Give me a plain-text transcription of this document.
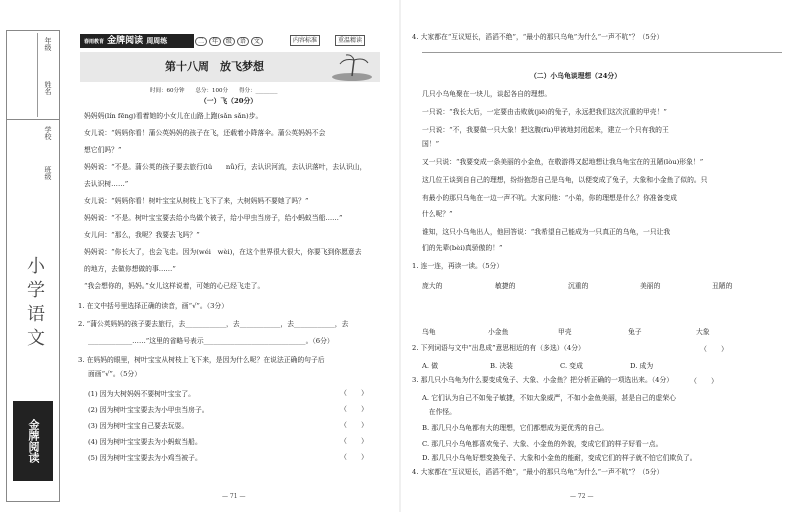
年级
姓名
学校
班级
小学语文
金牌阅读
春雨教育 金牌阅读 周周练	二 年 级 语 文	内容标准	重温精读
第十八周　放飞梦想
时间：60分钟　　总分：100分　　得分：________
（一）飞（20分）
妈妈妈(lín fēng)看着她的小女儿在山路上跑(sǎn sǎn)步。
女儿说：“妈妈你看！蒲公英妈妈的孩子在飞，还载着小降落伞。蒲公英妈妈不会
想它们吗？”
妈妈说：“不是。蒲公英的孩子要去旅行(lǔ　　nǚ)行，去认识河流，去认识落叶，去认识山，
去认识树……”
女儿说：“妈妈你看！树叶宝宝从树枝上飞下了来，大树妈妈不要她了吗？”
妈妈说：“不是。树叶宝宝要去给小鸟做个被子，给小甲虫当房子，给小蚂蚁当船……”
女儿问：“那么，我呢？我要去飞吗？”
妈妈说：“你长大了，也会飞走。因为(wéi　wèi)，在这个世界很大很大，你要飞到你愿意去
的地方，去做你想做的事……”
“我会想你的，妈妈。”女儿这样说着，可她的心已经飞走了。
1. 在文中括号里选择正确的读音，画“√”。（3分）
2. “蒲公英妈妈的孩子要去旅行，去____________，去____________，去____________，去
_____________……”这里的省略号表示______________________________。（6分）
3. 在妈妈的眼里，树叶宝宝从树枝上飞下来，是因为什么呢？在说法正确的句子后
面画“√”。（5分）
(1) 因为大树妈妈不要树叶宝宝了。	（　　）
(2) 因为树叶宝宝要去为小甲虫当房子。	（　　）
(3) 因为树叶宝宝自己要去玩耍。	（　　）
(4) 因为树叶宝宝要去为小蚂蚁当船。	（　　）
(5) 因为树叶宝宝要去为小鸡当被子。	（　　）
— 71 —
4. 大家都在“互议短长，滔滔不绝”，“最小的那只乌龟”为什么“一声不吭”？（5分）
（二）小乌龟谈理想（24分）
几只小乌龟聚在一块儿，谈起各自的理想。
一只说：“我长大后，一定要由击败就(jiē)的兔子，永远把我们这次沉重的甲壳！”
一只说：“不，我要做一只大象！把这腹(fù)甲被地封闭起来，建立一个只有我的王
国！”
又一只说：“我要变成一条美丽的小金鱼，在敬游得又起地想让我乌龟宝在的丑陋(lòu)形象！”
这几位王谈到自自己的理想，纷纷抱怨自己是乌龟，以便变成了兔子，大象和小金鱼了似的。只
有最小的那只乌龟在一边一声不吭。大家问他：“小弟，你的理想是什么？你准备变成
什么呢？”
谁知，这只小乌龟出人，他回答说：“我希望自己能成为一只真正的乌龟，一只让我
们的先辈(bèi)真骄傲的！”
1. 连一连，再读一读。（5分）
庞大的	敏捷的	沉重的	美丽的	丑陋的
乌龟	小金鱼	甲壳	兔子	大象
2. 下列词语与文中“出息成”意思相近的有（多选）（4分）	（　　）
A. 做	B. 决装	C. 变成	D. 成为
3. 那几只小乌龟为什么要变成兔子、大象、小金鱼？把分析正确的一项选出来。（4分） （　　）
A. 它们认为自己不如兔子敏捷，不如大象威严，不如小金鱼美丽，甚是自己的虚荣心
　在作怪。
B. 那几只小乌龟都有大的理想，它们都想成为更优秀的自己。
C. 那几只小乌龟都喜欢兔子、大象、小金鱼的外貌，变成它们的样子好看一点。
D. 那几只小乌龟好想变换兔子、大象和小金鱼的能耐，变成它们的样子就不怕它们欺负了。
4. 大家都在“互议短长，滔滔不绝”，“最小的那只乌龟”为什么“一声不吭”？（5分）
— 72 —
